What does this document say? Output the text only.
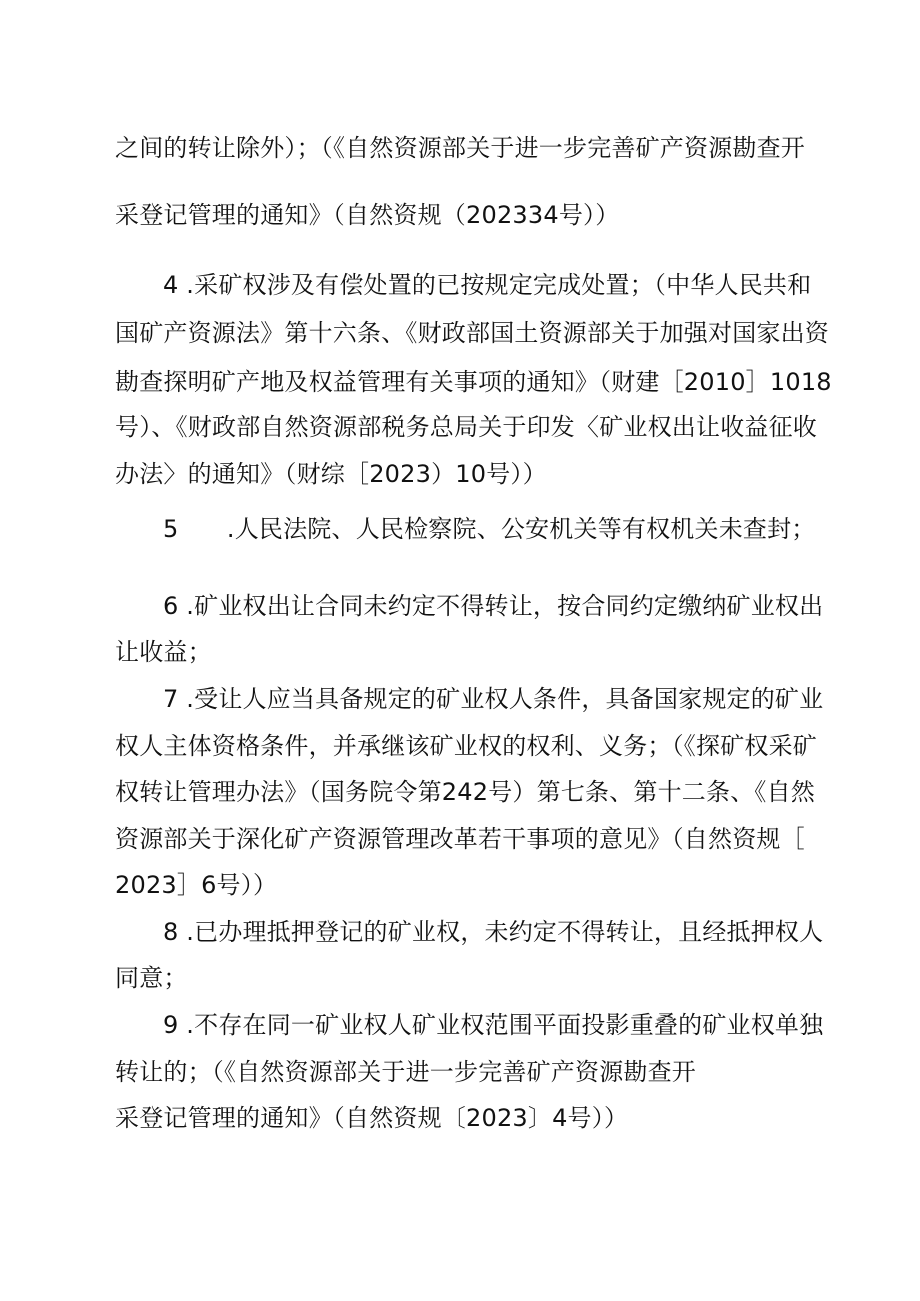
之间的转让除外）；（《自然资源部关于进一步完善矿产资源勘查开
采登记管理的通知》（自然资规（202334号））
4 .采矿权涉及有偿处置的已按规定完成处置；（中华人民共和
国矿产资源法》第十六条、《财政部国土资源部关于加强对国家出资
勘查探明矿产地及权益管理有关事项的通知》（财建［2010］1018
号）、《财政部自然资源部税务总局关于印发〈矿业权出让收益征收
办法〉的通知》（财综［2023）10号））
5　　.人民法院、人民检察院、公安机关等有权机关未查封；
6 .矿业权出让合同未约定不得转让，按合同约定缴纳矿业权出
让收益；
7 .受让人应当具备规定的矿业权人条件，具备国家规定的矿业
权人主体资格条件，并承继该矿业权的权利、义务；（《探矿权采矿
权转让管理办法》（国务院令第242号）第七条、第十二条、《自然
资源部关于深化矿产资源管理改革若干事项的意见》（自然资规［
2023］6号））
8 .已办理抵押登记的矿业权，未约定不得转让，且经抵押权人
同意；
9 .不存在同一矿业权人矿业权范围平面投影重叠的矿业权单独
转让的；（《自然资源部关于进一步完善矿产资源勘查开
采登记管理的通知》（自然资规〔2023〕4号））
